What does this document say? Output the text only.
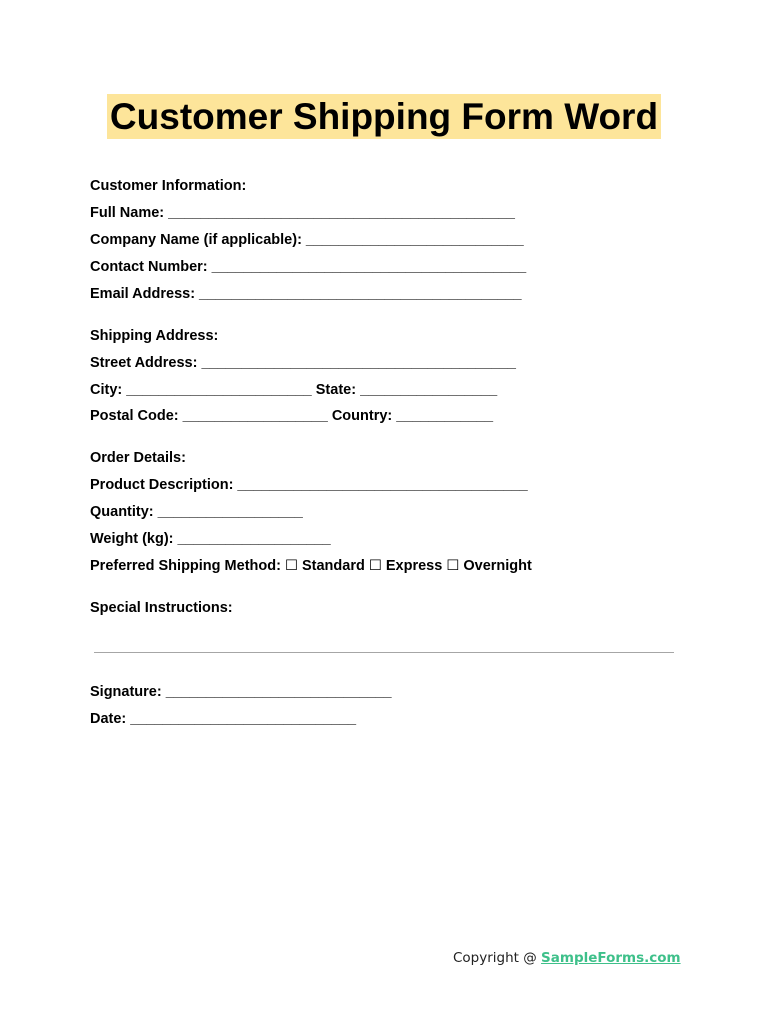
Customer Shipping Form Word
Customer Information:
Full Name: ___________________________________________
Company Name (if applicable): ___________________________
Contact Number: _______________________________________
Email Address: ________________________________________
Shipping Address:
Street Address: _______________________________________
City: _______________________ State: _________________
Postal Code: __________________ Country: ____________
Order Details:
Product Description: ____________________________________
Quantity: __________________
Weight (kg): ___________________
Preferred Shipping Method: ☐ Standard ☐ Express ☐ Overnight
Special Instructions:
Signature: ____________________________
Date: ____________________________
Copyright @ SampleForms.com
